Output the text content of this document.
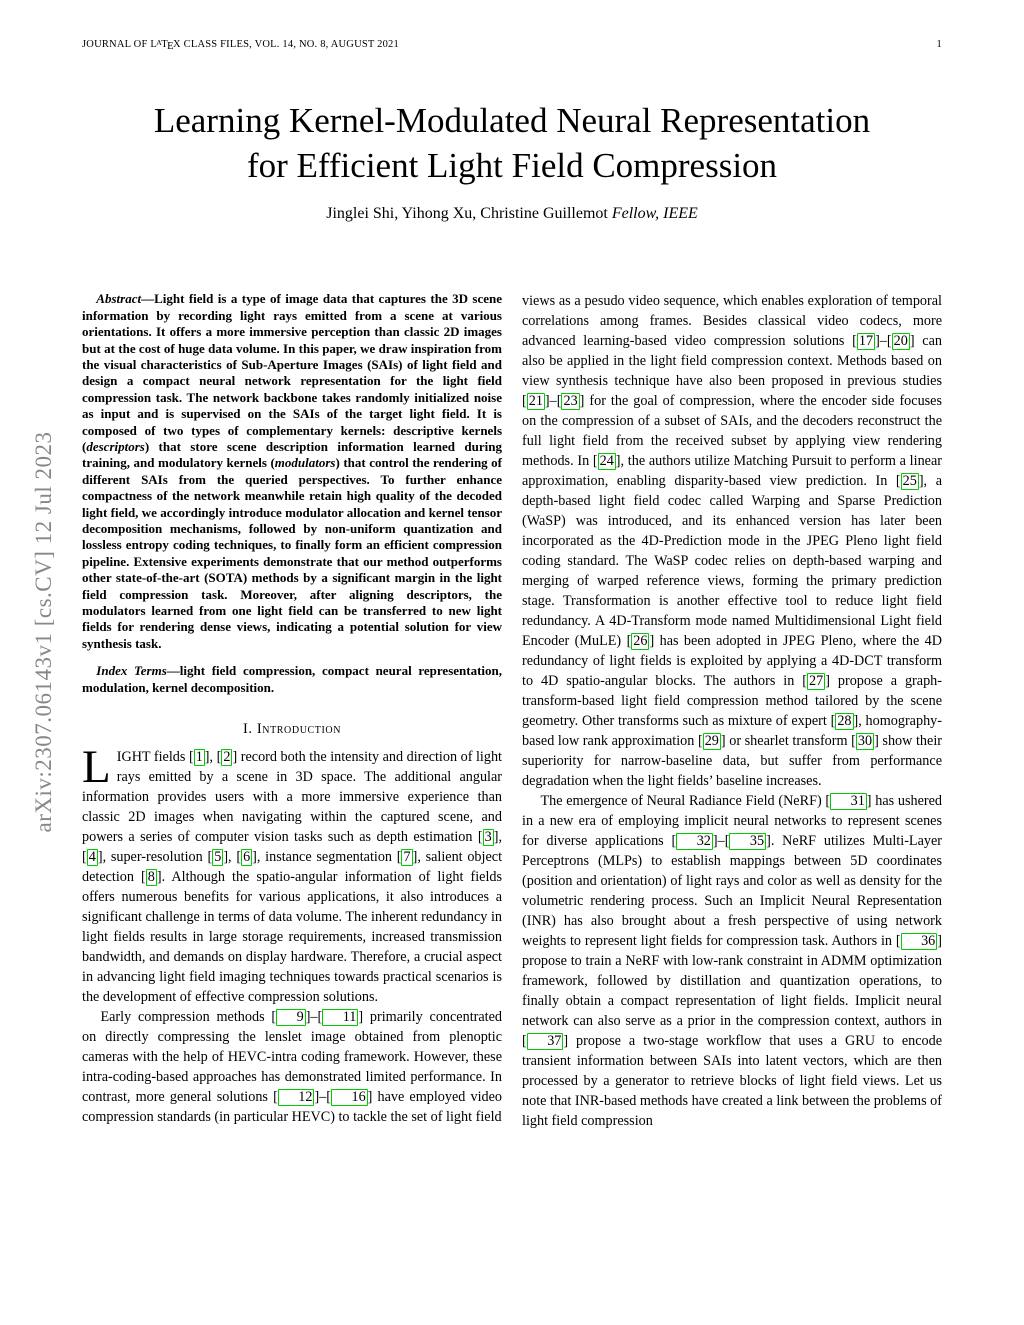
arXiv:2307.06143v1 [cs.CV] 12 Jul 2023
JOURNAL OF $L^ATEX$ CLASS FILES, VOL. 14, NO. 8, AUGUST 2021	1
Learning Kernel-Modulated Neural Representation
for Efficient Light Field Compression
Jinglei Shi, Yihong Xu, Christine Guillemot Fellow, IEEE

Abstract—Light field is a type of image data that captures the 3D scene information by recording light rays emitted from a scene at various orientations. It offers a more immersive perception than classic 2D images but at the cost of huge data volume. In this paper, we draw inspiration from the visual characteristics of Sub-Aperture Images (SAIs) of light field and design a compact neural network representation for the light field compression task. The network backbone takes randomly initialized noise as input and is supervised on the SAIs of the target light field. It is composed of two types of complementary kernels: descriptive kernels (descriptors) that store scene description information learned during training, and modulatory kernels (modulators) that control the rendering of different SAIs from the queried perspectives. To further enhance compactness of the network meanwhile retain high quality of the decoded light field, we accordingly introduce modulator allocation and kernel tensor decomposition mechanisms, followed by non-uniform quantization and lossless entropy coding techniques, to finally form an efficient compression pipeline. Extensive experiments demonstrate that our method outperforms other state-of-the-art (SOTA) methods by a significant margin in the light field compression task. Moreover, after aligning descriptors, the modulators learned from one light field can be transferred to new light fields for rendering dense views, indicating a potential solution for view synthesis task.

Index Terms—light field compression, compact neural representation, modulation, kernel decomposition.

I. Introduction

LIGHT fields [ 1 ], [ 2 ] record both the intensity and direction of light rays emitted by a scene in 3D space. The additional angular information provides users with a more immersive experience than classic 2D images when navigating within the captured scene, and powers a series of computer vision tasks such as depth estimation [ 3 ], [ 4 ], super-resolution [ 5 ], [ 6 ], instance segmentation [ 7 ], salient object detection [ 8 ]. Although the spatio-angular information of light fields offers numerous benefits for various applications, it also introduces a significant challenge in terms of data volume. The inherent redundancy in light fields results in large storage requirements, increased transmission bandwidth, and demands on display hardware. Therefore, a crucial aspect in advancing light field imaging techniques towards practical scenarios is the development of effective compression solutions.

Early compression methods [ 9 ]–[ 11 ] primarily concentrated on directly compressing the lenslet image obtained from plenoptic cameras with the help of HEVC-intra coding framework. However, these intra-coding-based approaches has demonstrated limited performance. In contrast, more general solutions [ 12 ]–[ 16 ] have employed video compression standards (in particular HEVC) to tackle the set of light field

views as a pesudo video sequence, which enables exploration of temporal correlations among frames. Besides classical video codecs, more advanced learning-based video compression solutions [ 17 ]–[ 20 ] can also be applied in the light field compression context. Methods based on view synthesis technique have also been proposed in previous studies [ 21 ]–[ 23 ] for the goal of compression, where the encoder side focuses on the compression of a subset of SAIs, and the decoders reconstruct the full light field from the received subset by applying view rendering methods. In [ 24 ], the authors utilize Matching Pursuit to perform a linear approximation, enabling disparity-based view prediction. In [ 25 ], a depth-based light field codec called Warping and Sparse Prediction (WaSP) was introduced, and its enhanced version has later been incorporated as the 4D-Prediction mode in the JPEG Pleno light field coding standard. The WaSP codec relies on depth-based warping and merging of warped reference views, forming the primary prediction stage. Transformation is another effective tool to reduce light field redundancy. A 4D-Transform mode named Multidimensional Light field Encoder (MuLE) [ 26 ] has been adopted in JPEG Pleno, where the 4D redundancy of light fields is exploited by applying a 4D-DCT transform to 4D spatio-angular blocks. The authors in [ 27 ] propose a graph-transform-based light field compression method tailored by the scene geometry. Other transforms such as mixture of expert [ 28 ], homography-based low rank approximation [ 29 ] or shearlet transform [ 30 ] show their superiority for narrow-baseline data, but suffer from performance degradation when the light fields’ baseline increases.

The emergence of Neural Radiance Field (NeRF) [ 31 ] has ushered in a new era of employing implicit neural networks to represent scenes for diverse applications [ 32 ]–[ 35 ]. NeRF utilizes Multi-Layer Perceptrons (MLPs) to establish mappings between 5D coordinates (position and orientation) of light rays and color as well as density for the volumetric rendering process. Such an Implicit Neural Representation (INR) has also brought about a fresh perspective of using network weights to represent light fields for compression task. Authors in [ 36 ] propose to train a NeRF with low-rank constraint in ADMM optimization framework, followed by distillation and quantization operations, to finally obtain a compact representation of light fields. Implicit neural network can also serve as a prior in the compression context, authors in [ 37 ] propose a two-stage workflow that uses a GRU to encode transient information between SAIs into latent vectors, which are then processed by a generator to retrieve blocks of light field views. Let us note that INR-based methods have created a link between the problems of light field compression
